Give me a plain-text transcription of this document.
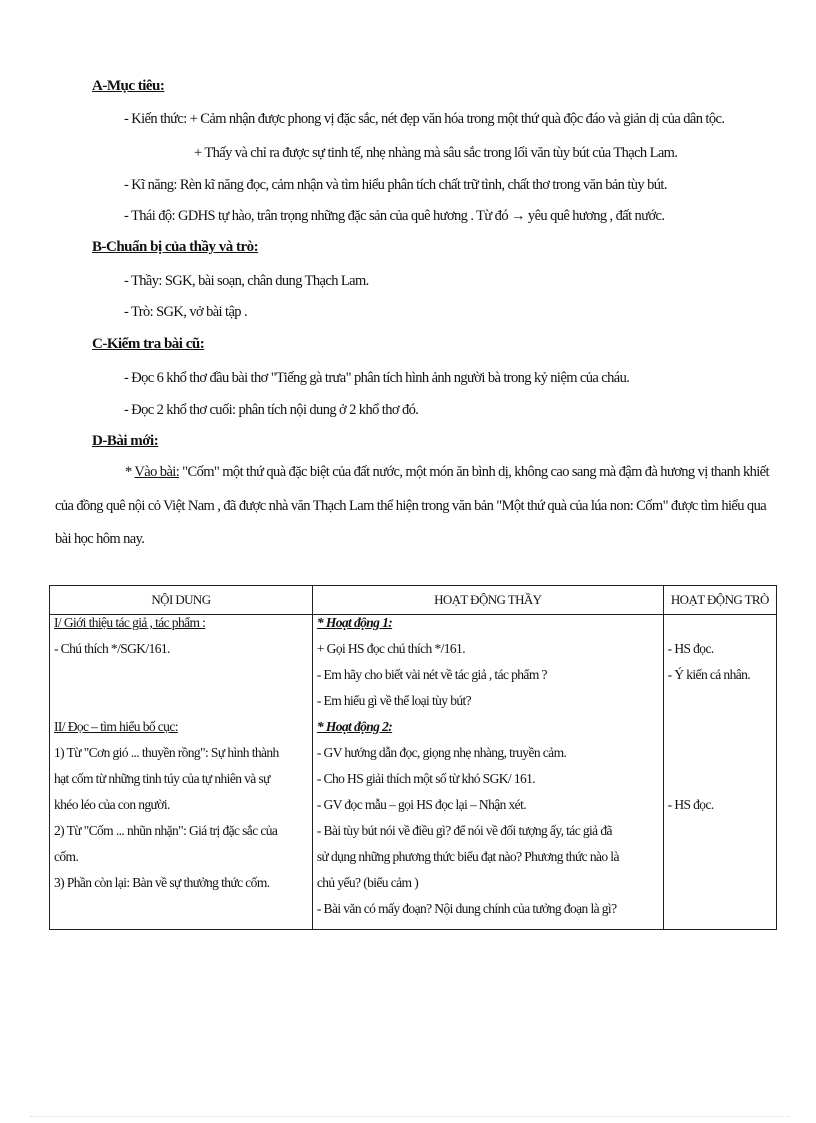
A-Mục tiêu:
- Kiến thức: + Cảm nhận được phong vị đặc sắc, nét đẹp văn hóa trong một thứ quà độc đáo và giản dị của dân tộc.
+ Thấy và chỉ ra được sự tinh tế, nhẹ nhàng mà sâu sắc trong lối văn tùy bút của Thạch Lam.
- Kĩ năng: Rèn kĩ năng đọc, cảm nhận và tìm hiểu phân tích chất trữ tình, chất thơ trong văn bản tùy bút.
- Thái độ: GDHS tự hào, trân trọng những đặc sản của quê hương . Từ đó → yêu quê hương , đất nước.
B-Chuẩn bị của thầy và trò:
- Thầy: SGK, bài soạn, chân dung Thạch Lam.
- Trò: SGK, vở bài tập .
C-Kiểm tra bài cũ:
- Đọc 6 khổ thơ đầu bài thơ "Tiếng gà trưa" phân tích hình ảnh người bà trong kỷ niệm của cháu.
- Đọc 2 khổ thơ cuối: phân tích nội dung ở 2 khổ thơ đó.
D-Bài mới:
* Vào bài: "Cốm" một thứ quà đặc biệt của đất nước, một món ăn bình dị, không cao sang mà đậm đà hương vị thanh khiết
của đồng quê nội cỏ Việt Nam , đã được nhà văn Thạch Lam thể hiện trong văn bản "Một thứ quà của lúa non: Cốm" được tìm hiểu qua
bài học hôm nay.
NỘI DUNG	HOẠT ĐỘNG THẦY	HOẠT ĐỘNG TRÒ
I/ Giới thiệu tác giả , tác phẩm :	* Hoạt động 1:	
- Chú thích */SGK/161.	+ Gọi HS đọc chú thích */161.	- HS đọc.
	- Em hãy cho biết vài nét về tác giả , tác phẩm ?	- Ý kiến cá nhân.
	- Em hiểu gì về thể loại tùy bút?	
II/ Đọc – tìm hiểu bố cục:	* Hoạt động 2:	
1) Từ "Cơn gió ... thuyền rồng": Sự hình thành	- GV hướng dẫn đọc, giọng nhẹ nhàng, truyền cảm.	
hạt cốm từ những tinh túy của tự nhiên và sự	- Cho HS giải thích một số từ khó SGK/ 161.	
khéo léo của con người.	- GV đọc mẫu – gọi HS đọc lại – Nhận xét.	- HS đọc.
2) Từ "Cốm ... nhũn nhặn": Giá trị đặc sắc của	- Bài tùy bút nói về điều gì? để nói về đối tượng ấy, tác giả đã	
cốm.	sử dụng những phương thức biểu đạt nào? Phương thức nào là	
3) Phần còn lại: Bàn về sự thưởng thức cốm.	chủ yếu? (biểu cảm )	
	- Bài văn có mấy đoạn? Nội dung chính của tưởng đoạn là gì?	
